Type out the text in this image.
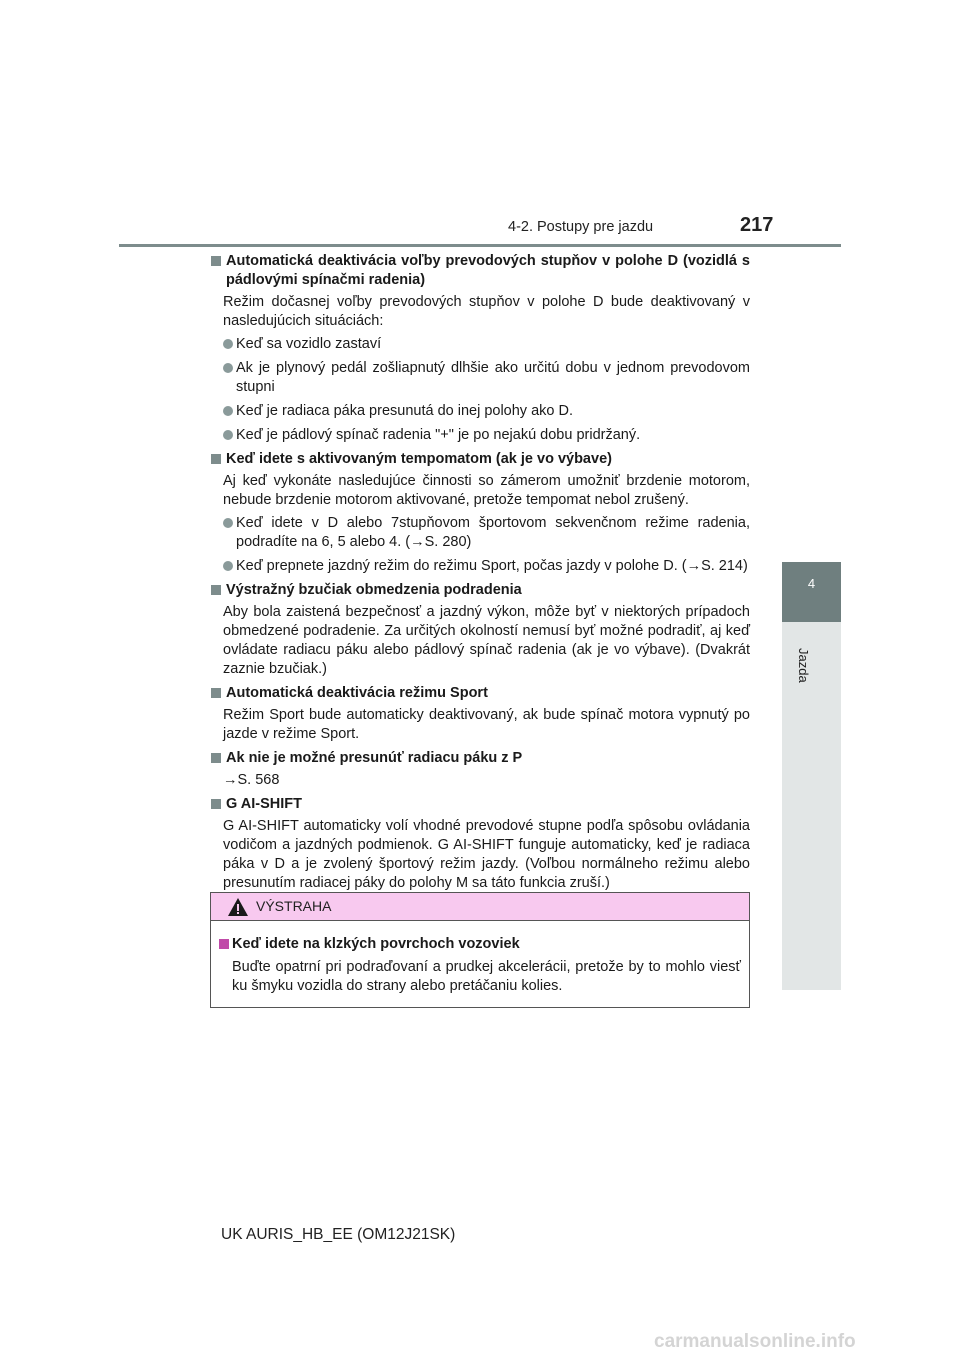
4-2. Postupy pre jazdu	217
4
Jazda
Automatická deaktivácia voľby prevodových stupňov v polohe D (vozidlá s pádlovými spínačmi radenia)
Režim dočasnej voľby prevodových stupňov v polohe D bude deaktivovaný v nasledujúcich situáciách:
Keď sa vozidlo zastaví
Ak je plynový pedál zošliapnutý dlhšie ako určitú dobu v jednom prevodovom stupni
Keď je radiaca páka presunutá do inej polohy ako D.
Keď je pádlový spínač radenia "+" je po nejakú dobu pridržaný.
Keď idete s aktivovaným tempomatom (ak je vo výbave)
Aj keď vykonáte nasledujúce činnosti so zámerom umožniť brzdenie motorom, nebude brzdenie motorom aktivované, pretože tempomat nebol zrušený.
Keď idete v D alebo 7stupňovom športovom sekvenčnom režime radenia, podradíte na 6, 5 alebo 4. (→S. 280)
Keď prepnete jazdný režim do režimu Sport, počas jazdy v polohe D. (→S. 214)
Výstražný bzučiak obmedzenia podradenia
Aby bola zaistená bezpečnosť a jazdný výkon, môže byť v niektorých prípadoch obmedzené podradenie. Za určitých okolností nemusí byť možné podradiť, aj keď ovládate radiacu páku alebo pádlový spínač radenia (ak je vo výbave). (Dvakrát zaznie bzučiak.)
Automatická deaktivácia režimu Sport
Režim Sport bude automaticky deaktivovaný, ak bude spínač motora vypnutý po jazde v režime Sport.
Ak nie je možné presunúť radiacu páku z P
→S. 568
G AI-SHIFT
G AI-SHIFT automaticky volí vhodné prevodové stupne podľa spôsobu ovládania vodičom a jazdných podmienok. G AI-SHIFT funguje automaticky, keď je radiaca páka v D a je zvolený športový režim jazdy. (Voľbou normálneho režimu alebo presunutím radiacej páky do polohy M sa táto funkcia zruší.)
VÝSTRAHA
Keď idete na klzkých povrchoch vozoviek
Buďte opatrní pri podraďovaní a prudkej akcelerácii, pretože by to mohlo viesť ku šmyku vozidla do strany alebo pretáčaniu kolies.
UK AURIS_HB_EE (OM12J21SK)
carmanualsonline.info
